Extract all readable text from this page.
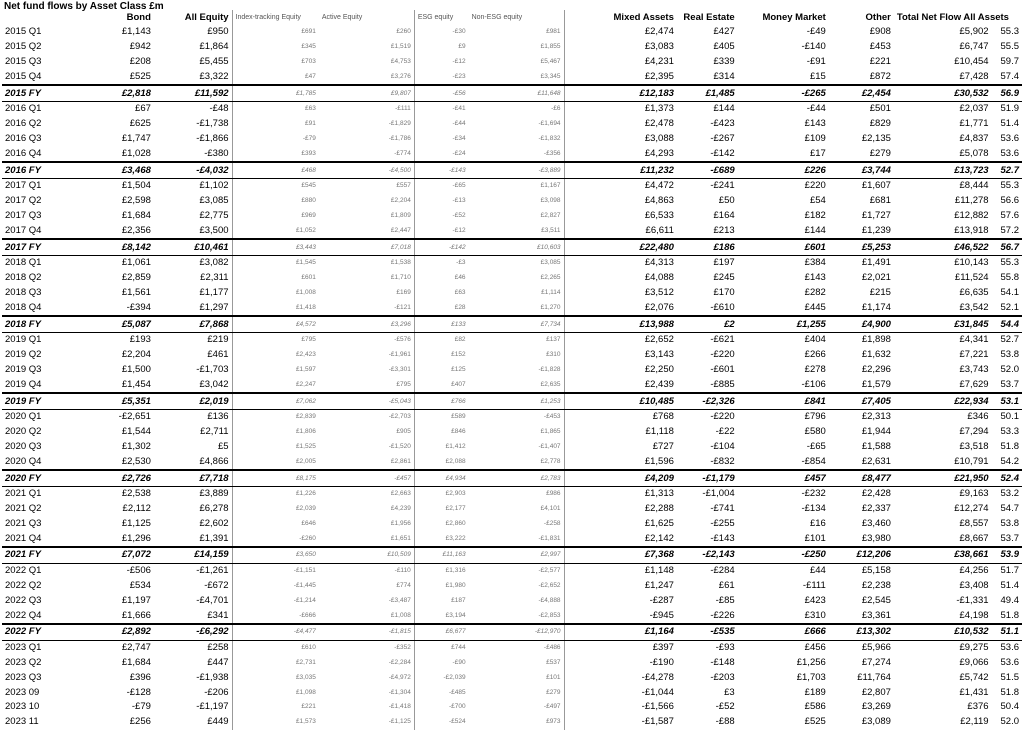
Net fund flows by Asset Class £m
	Bond	All Equity	Index-tracking Equity	Active Equity	ESG equity	Non-ESG equity	Mixed Assets	Real Estate	Money Market	Other	Total Net Flow All Assets	
2015 Q1	£1,143	£950	£691	£260	-£30	£981	£2,474	£427	-£49	£908	£5,902	55.3
2015 Q2	£942	£1,864	£345	£1,519	£9	£1,855	£3,083	£405	-£140	£453	£6,747	55.5
2015 Q3	£208	£5,455	£703	£4,753	-£12	£5,467	£4,231	£339	-£91	£221	£10,454	59.7
2015 Q4	£525	£3,322	£47	£3,276	-£23	£3,345	£2,395	£314	£15	£872	£7,428	57.4
2015 FY	£2,818	£11,592	£1,785	£9,807	-£56	£11,648	£12,183	£1,485	-£265	£2,454	£30,532	56.9
2016 Q1	£67	-£48	£63	-£111	-£41	-£6	£1,373	£144	-£44	£501	£2,037	51.9
2016 Q2	£625	-£1,738	£91	-£1,829	-£44	-£1,694	£2,478	-£423	£143	£829	£1,771	51.4
2016 Q3	£1,747	-£1,866	-£79	-£1,786	-£34	-£1,832	£3,088	-£267	£109	£2,135	£4,837	53.6
2016 Q4	£1,028	-£380	£393	-£774	-£24	-£356	£4,293	-£142	£17	£279	£5,078	53.6
2016 FY	£3,468	-£4,032	£468	-£4,500	-£143	-£3,889	£11,232	-£689	£226	£3,744	£13,723	52.7
2017 Q1	£1,504	£1,102	£545	£557	-£65	£1,167	£4,472	-£241	£220	£1,607	£8,444	55.3
2017 Q2	£2,598	£3,085	£880	£2,204	-£13	£3,098	£4,863	£50	£54	£681	£11,278	56.6
2017 Q3	£1,684	£2,775	£969	£1,809	-£52	£2,827	£6,533	£164	£182	£1,727	£12,882	57.6
2017 Q4	£2,356	£3,500	£1,052	£2,447	-£12	£3,511	£6,611	£213	£144	£1,239	£13,918	57.2
2017 FY	£8,142	£10,461	£3,443	£7,018	-£142	£10,603	£22,480	£186	£601	£5,253	£46,522	56.7
2018 Q1	£1,061	£3,082	£1,545	£1,538	-£3	£3,085	£4,313	£197	£384	£1,491	£10,143	55.3
2018 Q2	£2,859	£2,311	£601	£1,710	£46	£2,265	£4,088	£245	£143	£2,021	£11,524	55.8
2018 Q3	£1,561	£1,177	£1,008	£169	£63	£1,114	£3,512	£170	£282	£215	£6,635	54.1
2018 Q4	-£394	£1,297	£1,418	-£121	£28	£1,270	£2,076	-£610	£445	£1,174	£3,542	52.1
2018 FY	£5,087	£7,868	£4,572	£3,296	£133	£7,734	£13,988	£2	£1,255	£4,900	£31,845	54.4
2019 Q1	£193	£219	£795	-£576	£82	£137	£2,652	-£621	£404	£1,898	£4,341	52.7
2019 Q2	£2,204	£461	£2,423	-£1,961	£152	£310	£3,143	-£220	£266	£1,632	£7,221	53.8
2019 Q3	£1,500	-£1,703	£1,597	-£3,301	£125	-£1,828	£2,250	-£601	£278	£2,296	£3,743	52.0
2019 Q4	£1,454	£3,042	£2,247	£795	£407	£2,635	£2,439	-£885	-£106	£1,579	£7,629	53.7
2019 FY	£5,351	£2,019	£7,062	-£5,043	£766	£1,253	£10,485	-£2,326	£841	£7,405	£22,934	53.1
2020 Q1	-£2,651	£136	£2,839	-£2,703	£589	-£453	£768	-£220	£796	£2,313	£346	50.1
2020 Q2	£1,544	£2,711	£1,806	£905	£846	£1,865	£1,118	-£22	£580	£1,944	£7,294	53.3
2020 Q3	£1,302	£5	£1,525	-£1,520	£1,412	-£1,407	£727	-£104	-£65	£1,588	£3,518	51.8
2020 Q4	£2,530	£4,866	£2,005	£2,861	£2,088	£2,778	£1,596	-£832	-£854	£2,631	£10,791	54.2
2020 FY	£2,726	£7,718	£8,175	-£457	£4,934	£2,783	£4,209	-£1,179	£457	£8,477	£21,950	52.4
2021 Q1	£2,538	£3,889	£1,226	£2,663	£2,903	£986	£1,313	-£1,004	-£232	£2,428	£9,163	53.2
2021 Q2	£2,112	£6,278	£2,039	£4,239	£2,177	£4,101	£2,288	-£741	-£134	£2,337	£12,274	54.7
2021 Q3	£1,125	£2,602	£646	£1,956	£2,860	-£258	£1,625	-£255	£16	£3,460	£8,557	53.8
2021 Q4	£1,296	£1,391	-£260	£1,651	£3,222	-£1,831	£2,142	-£143	£101	£3,980	£8,667	53.7
2021 FY	£7,072	£14,159	£3,650	£10,509	£11,163	£2,997	£7,368	-£2,143	-£250	£12,206	£38,661	53.9
2022 Q1	-£506	-£1,261	-£1,151	-£110	£1,316	-£2,577	£1,148	-£284	£44	£5,158	£4,256	51.7
2022 Q2	£534	-£672	-£1,445	£774	£1,980	-£2,652	£1,247	£61	-£111	£2,238	£3,408	51.4
2022 Q3	£1,197	-£4,701	-£1,214	-£3,487	£187	-£4,888	-£287	-£85	£423	£2,545	-£1,331	49.4
2022 Q4	£1,666	£341	-£666	£1,008	£3,194	-£2,853	-£945	-£226	£310	£3,361	£4,198	51.8
2022 FY	£2,892	-£6,292	-£4,477	-£1,815	£6,677	-£12,970	£1,164	-£535	£666	£13,302	£10,532	51.1
2023 Q1	£2,747	£258	£610	-£352	£744	-£486	£397	-£93	£456	£5,966	£9,275	53.6
2023 Q2	£1,684	£447	£2,731	-£2,284	-£90	£537	-£190	-£148	£1,256	£7,274	£9,066	53.6
2023 Q3	£396	-£1,938	£3,035	-£4,972	-£2,039	£101	-£4,278	-£203	£1,703	£11,764	£5,742	51.5
2023 09	-£128	-£206	£1,098	-£1,304	-£485	£279	-£1,044	£3	£189	£2,807	£1,431	51.8
2023 10	-£79	-£1,197	£221	-£1,418	-£700	-£497	-£1,566	-£52	£586	£3,269	£376	50.4
2023 11	£256	£449	£1,573	-£1,125	-£524	£973	-£1,587	-£88	£525	£3,089	£2,119	52.0
